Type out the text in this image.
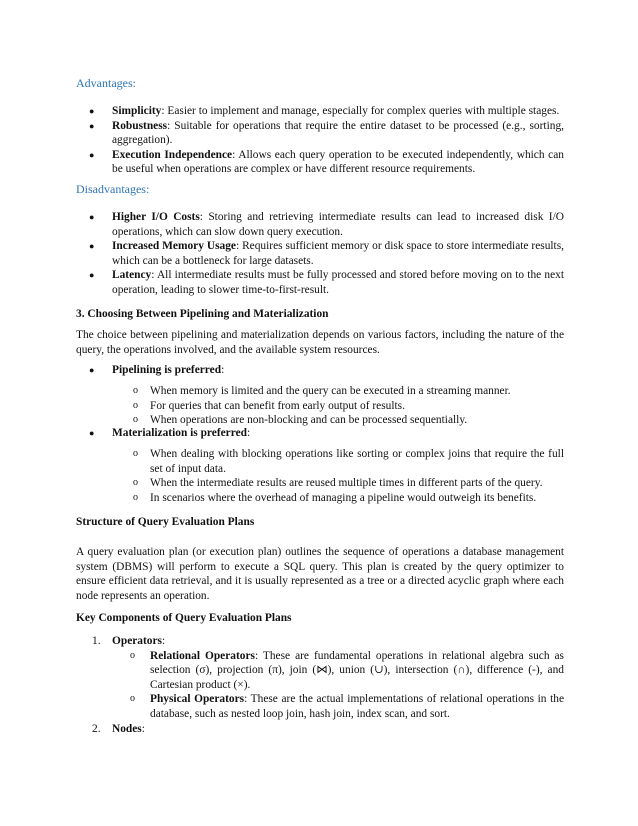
Advantages:

● Simplicity: Easier to implement and manage, especially for complex queries with multiple stages.
● Robustness: Suitable for operations that require the entire dataset to be processed (e.g., sorting, aggregation).
● Execution Independence: Allows each query operation to be executed independently, which can be useful when operations are complex or have different resource requirements.

Disadvantages:

● Higher I/O Costs: Storing and retrieving intermediate results can lead to increased disk I/O operations, which can slow down query execution.
● Increased Memory Usage: Requires sufficient memory or disk space to store intermediate results, which can be a bottleneck for large datasets.
● Latency: All intermediate results must be fully processed and stored before moving on to the next operation, leading to slower time-to-first-result.

3. Choosing Between Pipelining and Materialization

The choice between pipelining and materialization depends on various factors, including the nature of the query, the operations involved, and the available system resources.

● Pipelining is preferred:
o When memory is limited and the query can be executed in a streaming manner.
o For queries that can benefit from early output of results.
o When operations are non-blocking and can be processed sequentially.
● Materialization is preferred:
o When dealing with blocking operations like sorting or complex joins that require the full set of input data.
o When the intermediate results are reused multiple times in different parts of the query.
o In scenarios where the overhead of managing a pipeline would outweigh its benefits.

Structure of Query Evaluation Plans

A query evaluation plan (or execution plan) outlines the sequence of operations a database management system (DBMS) will perform to execute a SQL query. This plan is created by the query optimizer to ensure efficient data retrieval, and it is usually represented as a tree or a directed acyclic graph where each node represents an operation.

Key Components of Query Evaluation Plans

1. Operators:
o Relational Operators: These are fundamental operations in relational algebra such as selection (σ), projection (π), join (⋈), union (∪), intersection (∩), difference (-), and Cartesian product (×).
o Physical Operators: These are the actual implementations of relational operations in the database, such as nested loop join, hash join, index scan, and sort.
2. Nodes:
